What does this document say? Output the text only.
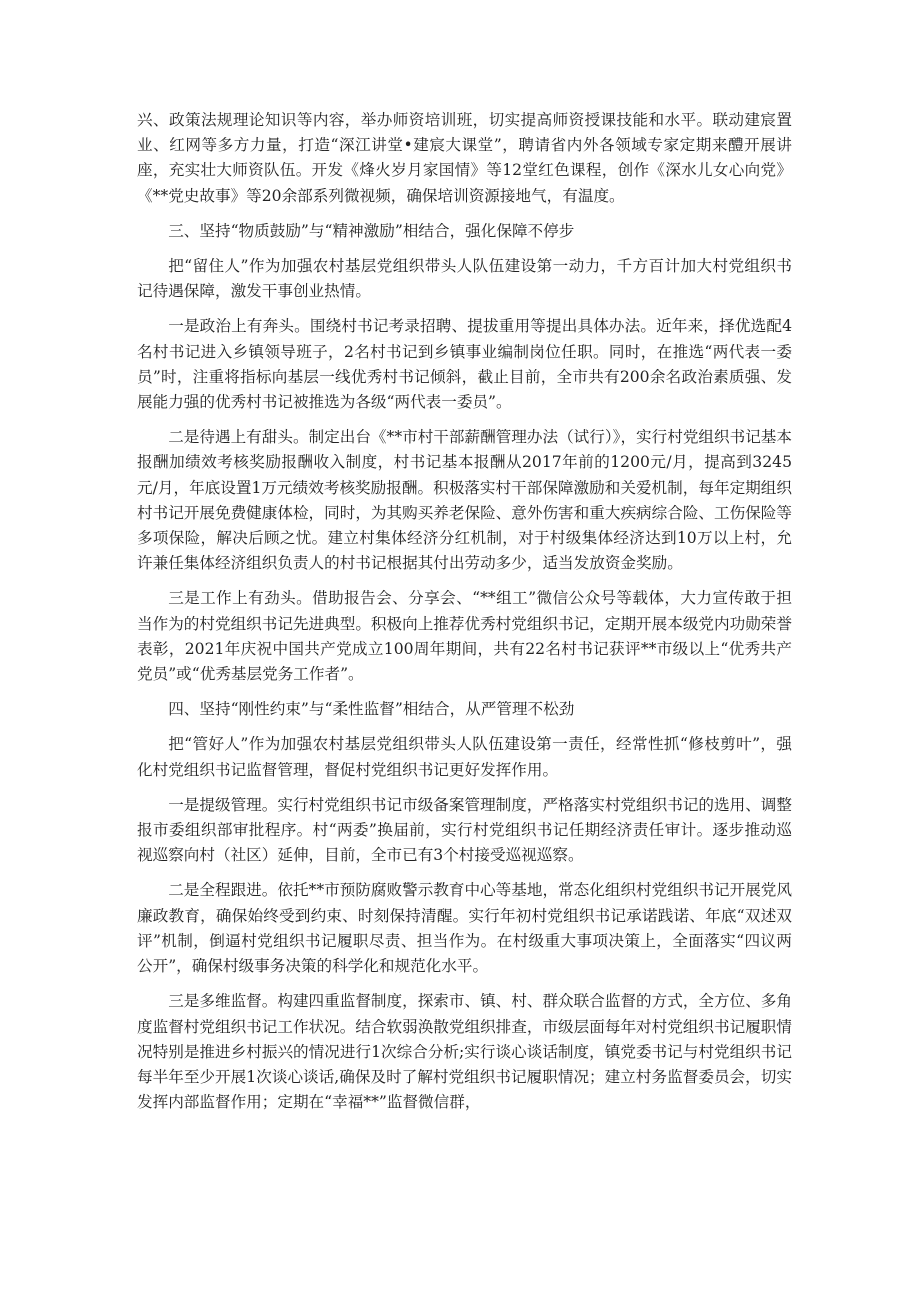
兴、政策法规理论知识等内容，举办师资培训班，切实提高师资授课技能和水平。联动建宸置业、红网等多方力量，打造“深江讲堂•建宸大课堂”，聘请省内外各领域专家定期来醴开展讲座，充实壮大师资队伍。开发《烽火岁月家国情》等12堂红色课程，创作《深水儿女心向党》《**党史故事》等20余部系列微视频，确保培训资源接地气，有温度。

三、坚持“物质鼓励”与“精神激励”相结合，强化保障不停步

把“留住人”作为加强农村基层党组织带头人队伍建设第一动力，千方百计加大村党组织书记待遇保障，激发干事创业热情。

一是政治上有奔头。围绕村书记考录招聘、提拔重用等提出具体办法。近年来，择优选配4名村书记进入乡镇领导班子，2名村书记到乡镇事业编制岗位任职。同时，在推选“两代表一委员”时，注重将指标向基层一线优秀村书记倾斜，截止目前，全市共有200余名政治素质强、发展能力强的优秀村书记被推选为各级“两代表一委员”。

二是待遇上有甜头。制定出台《**市村干部薪酬管理办法（试行）》，实行村党组织书记基本报酬加绩效考核奖励报酬收入制度，村书记基本报酬从2017年前的1200元/月，提高到3245元/月，年底设置1万元绩效考核奖励报酬。积极落实村干部保障激励和关爱机制，每年定期组织村书记开展免费健康体检，同时，为其购买养老保险、意外伤害和重大疾病综合险、工伤保险等多项保险，解决后顾之忧。建立村集体经济分红机制，对于村级集体经济达到10万以上村，允许兼任集体经济组织负责人的村书记根据其付出劳动多少，适当发放资金奖励。

三是工作上有劲头。借助报告会、分享会、“**组工”微信公众号等载体，大力宣传敢于担当作为的村党组织书记先进典型。积极向上推荐优秀村党组织书记，定期开展本级党内功勋荣誉表彰，2021年庆祝中国共产党成立100周年期间，共有22名村书记获评**市级以上“优秀共产党员”或“优秀基层党务工作者”。

四、坚持“刚性约束”与“柔性监督”相结合，从严管理不松劲

把“管好人”作为加强农村基层党组织带头人队伍建设第一责任，经常性抓“修枝剪叶”，强化村党组织书记监督管理，督促村党组织书记更好发挥作用。

一是提级管理。实行村党组织书记市级备案管理制度，严格落实村党组织书记的选用、调整报市委组织部审批程序。村“两委”换届前，实行村党组织书记任期经济责任审计。逐步推动巡视巡察向村（社区）延伸，目前，全市已有3个村接受巡视巡察。

二是全程跟进。依托**市预防腐败警示教育中心等基地，常态化组织村党组织书记开展党风廉政教育，确保始终受到约束、时刻保持清醒。实行年初村党组织书记承诺践诺、年底“双述双评”机制，倒逼村党组织书记履职尽责、担当作为。在村级重大事项决策上，全面落实“四议两公开”，确保村级事务决策的科学化和规范化水平。

三是多维监督。构建四重监督制度，探索市、镇、村、群众联合监督的方式，全方位、多角度监督村党组织书记工作状况。结合软弱涣散党组织排查，市级层面每年对村党组织书记履职情况特别是推进乡村振兴的情况进行1次综合分析;实行谈心谈话制度，镇党委书记与村党组织书记每半年至少开展1次谈心谈话,确保及时了解村党组织书记履职情况；建立村务监督委员会，切实发挥内部监督作用；定期在“幸福**”监督微信群，
